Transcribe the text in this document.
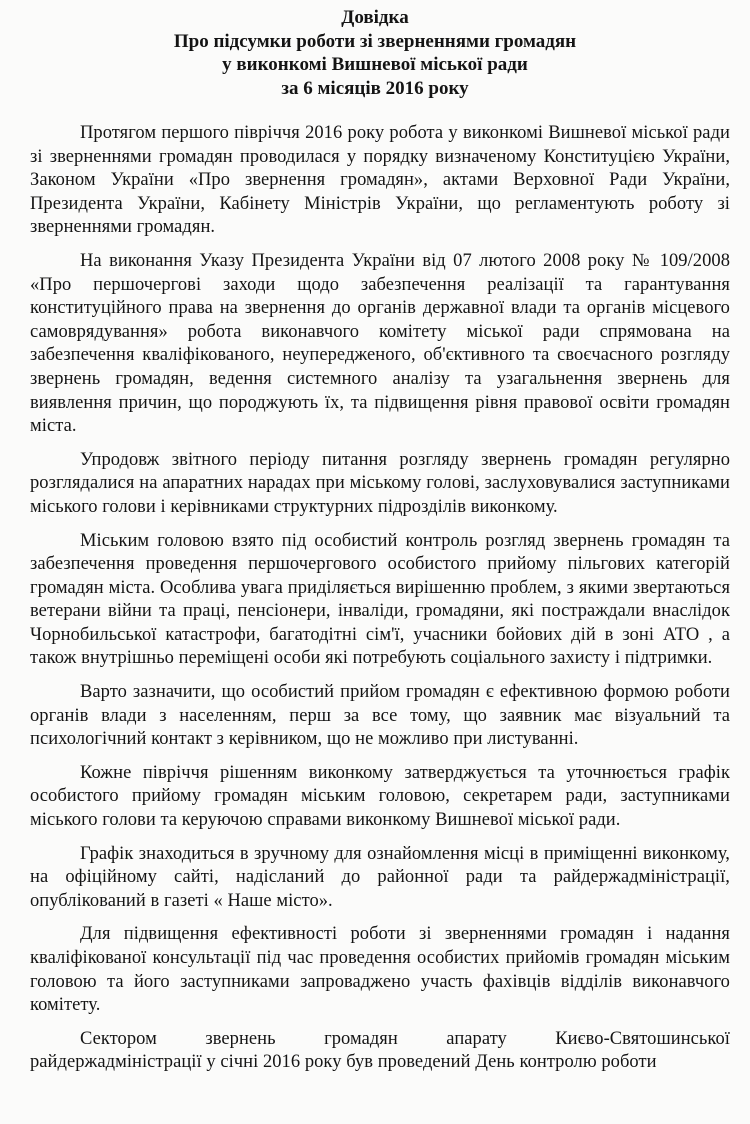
Довідка
Про підсумки роботи зі зверненнями громадян
у виконкомі Вишневої міської ради
за 6 місяців 2016 року

Протягом першого півріччя 2016 року робота у виконкомі Вишневої міської ради зі зверненнями громадян проводилася у порядку визначеному Конституцією України, Законом України «Про звернення громадян», актами Верховної Ради України, Президента України, Кабінету Міністрів України, що регламентують роботу зі зверненнями громадян.

На виконання Указу Президента України від 07 лютого 2008 року № 109/2008 «Про першочергові заходи щодо забезпечення реалізації та гарантування конституційного права на звернення до органів державної влади та органів місцевого самоврядування» робота виконавчого комітету міської ради спрямована на забезпечення кваліфікованого, неупередженого, об'єктивного та своєчасного розгляду звернень громадян, ведення системного аналізу та узагальнення звернень для виявлення причин, що породжують їх, та підвищення рівня правової освіти громадян міста.

Упродовж звітного періоду питання розгляду звернень громадян регулярно розглядалися на апаратних нарадах при міському голові, заслуховувалися заступниками міського голови і керівниками структурних підрозділів виконкому.

Міським головою взято під особистий контроль розгляд звернень громадян та забезпечення проведення першочергового особистого прийому пільгових категорій громадян міста. Особлива увага приділяється вирішенню проблем, з якими звертаються ветерани війни та праці, пенсіонери, інваліди, громадяни, які постраждали внаслідок Чорнобильської катастрофи, багатодітні сім'ї, учасники бойових дій в зоні АТО , а також внутрішньо переміщені особи які потребують соціального захисту і підтримки.

Варто зазначити, що особистий прийом громадян є ефективною формою роботи органів влади з населенням, перш за все тому, що заявник має візуальний та психологічний контакт з керівником, що не можливо при листуванні.

Кожне півріччя рішенням виконкому затверджується та уточнюється графік особистого прийому громадян міським головою, секретарем ради, заступниками міського голови та керуючою справами виконкому Вишневої міської ради.

Графік знаходиться в зручному для ознайомлення місці в приміщенні виконкому, на офіційному сайті, надісланий до районної ради та райдержадміністрації, опублікований в газеті « Наше місто».

Для підвищення ефективності роботи зі зверненнями громадян і надання кваліфікованої консультації під час проведення особистих прийомів громадян міським головою та його заступниками запроваджено участь фахівців відділів виконавчого комітету.

Сектором звернень громадян апарату Києво-Святошинської райдержадміністрації у січні 2016 року був проведений День контролю роботи
